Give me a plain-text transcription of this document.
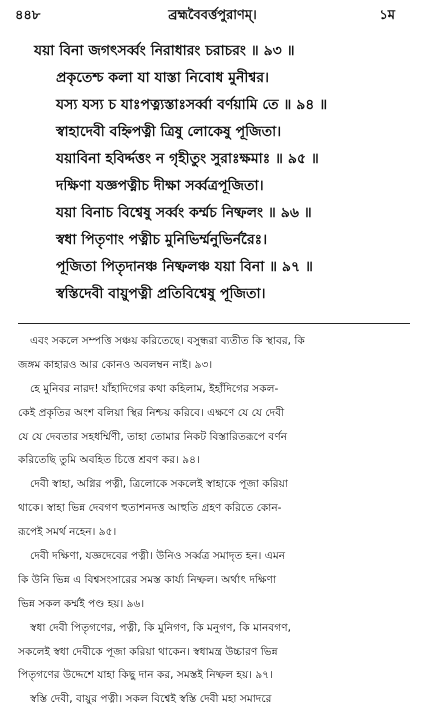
৪৪৮	ব্রহ্মবৈবর্ত্তপুরাণম্।	১ম
যয়া বিনা জগৎসর্ব্বং নিরাধারং চরাচরং ॥ ৯৩ ॥
প্রকৃতেশ্চ কলা যা যাস্তা নিবোধ মুনীশ্বর।
যস্য যস্য চ যাঃপত্ন্যস্তাঃসর্ব্বা বর্ণয়ামি তে ॥ ৯৪ ॥
স্বাহাদেবী বহ্নিপত্নী ত্রিষু লোকেষু পূজিতা।
যয়াবিনা হবির্দ্দত্তং ন গৃহীতুং সুরাঃক্ষমাঃ ॥ ৯৫ ॥
দক্ষিণা যজ্ঞপত্নীচ দীক্ষা সর্ব্বত্রপূজিতা।
যয়া বিনাচ বিশ্বেষু সর্ব্বং কর্ম্মচ নিষ্ফলং ॥ ৯৬ ॥
স্বধা পিতৃণাং পত্নীচ মুনিভির্ম্মনুভির্নরৈঃ।
পূজিতা পিতৃদানঞ্চ নিষ্ফলঞ্চ যয়া বিনা ॥ ৯৭ ॥
স্বস্তিদেবী বায়ুপত্নী প্রতিবিশ্বেষু পূজিতা।
এবং সকলে সম্পত্তি সঞ্চয় করিতেছে। বসুন্ধরা ব্যতীত কি স্থাবর, কি
জঙ্গম কাহারও আর কোনও অবলম্বন নাই। ৯৩।
হে মুনিবর নারদ! যাঁহাদিগের কথা কহিলাম, ইহাঁদিগের সকল-
কেই প্রকৃতির অংশ বলিয়া স্থির নিশ্চয় করিবে। এক্ষণে যে যে দেবী
যে যে দেবতার সহধর্ম্মিণী, তাহা তোমার নিকট বিস্তারিতরূপে বর্ণন
করিতেছি তুমি অবহিত চিত্তে শ্রবণ কর। ৯৪।
দেবী স্বাহা, অগ্নির পত্নী, ত্রিলোকে সকলেই স্বাহাকে পূজা করিয়া
থাকে। স্বাহা ভিন্ন দেবগণ হুতাশনদত্ত আহুতি গ্রহণ করিতে কোন-
রূপেই সমর্থ নহেন। ৯৫।
দেবী দক্ষিণা, যজ্ঞদেবের পত্নী। উনিও সর্ব্বত্র সমাদৃত হন। এমন
কি উনি ভিন্ন এ বিশ্বসংসারের সমস্ত কার্য্য নিষ্ফল। অর্থাৎ দক্ষিণা
ভিন্ন সকল কর্ম্মই পণ্ড হয়। ৯৬।
স্বধা দেবী পিতৃগণের, পত্নী, কি মুনিগণ, কি মনুগণ, কি মানবগণ,
সকলেই স্বধা দেবীকে পূজা করিয়া থাকেন। স্বধামন্ত্র উচ্চারণ ভিন্ন
পিতৃগণের উদ্দেশে যাহা কিছু দান কর, সমস্তই নিষ্ফল হয়। ৯৭।
স্বস্তি দেবী, বায়ুর পত্নী। সকল বিশ্বেই স্বস্তি দেবী মহা সমাদরে
